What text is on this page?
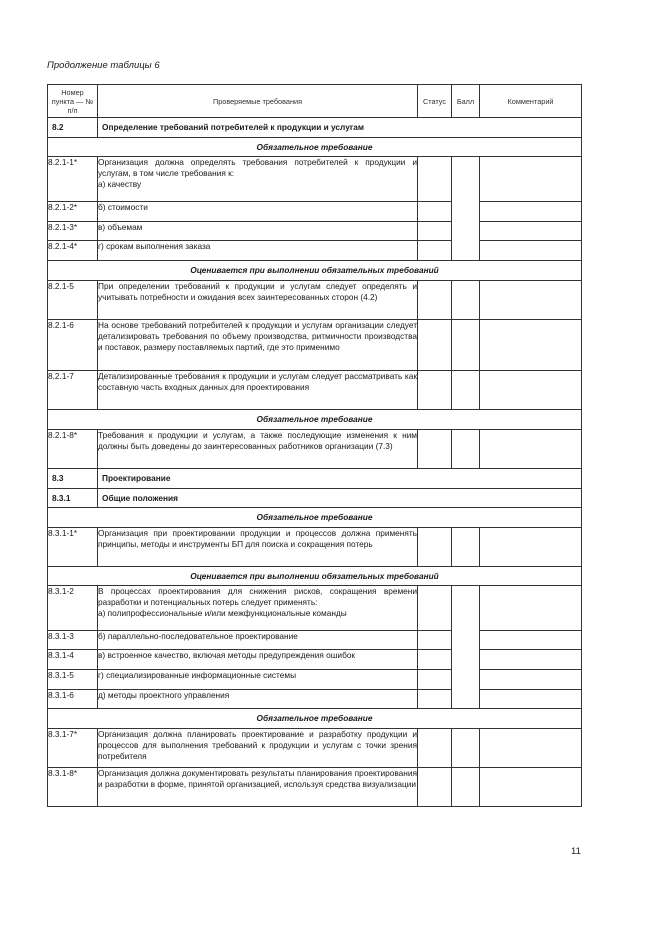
Продолжение таблицы 6
Номер пункта — № п/п	Проверяемые требования	Статус	Балл	Комментарий
8.2	Определение требований потребителей к продукции и услугам			
Обязательное требование				
8.2.1-1*	Организация должна определять требования потребителей к продукции и услугам, в том числе требования к:
а) качеству			
8.2.1-2*	б) стоимости			
8.2.1-3*	в) объемам			
8.2.1-4*	г) срокам выполнения заказа			
Оценивается при выполнении обязательных требований				
8.2.1-5	При определении требований к продукции и услугам следует определять и учитывать потребности и ожидания всех заинтересованных сторон (4.2)			
8.2.1-6	На основе требований потребителей к продукции и услугам организации следует детализировать требования по объему производства, ритмичности производства и поставок, размеру поставляемых партий, где это применимо			
8.2.1-7	Детализированные требования к продукции и услугам следует рассматривать как составную часть входных данных для проектирования			
Обязательное требование				
8.2.1-8*	Требования к продукции и услугам, а также последующие изменения к ним должны быть доведены до заинтересованных работников организации (7.3)			
8.3	Проектирование			
8.3.1	Общие положения			
Обязательное требование				
8.3.1-1*	Организация при проектировании продукции и процессов должна применять принципы, методы и инструменты БП для поиска и сокращения потерь			
Оценивается при выполнении обязательных требований				
8.3.1-2	В процессах проектирования для снижения рисков, сокращения времени разработки и потенциальных потерь следует применять:
а) полипрофессиональные и/или межфункциональные команды			
8.3.1-3	б) параллельно-последовательное проектирование			
8.3.1-4	в) встроенное качество, включая методы предупреждения ошибок			
8.3.1-5	г) специализированные информационные системы			
8.3.1-6	д) методы проектного управления			
Обязательное требование				
8.3.1-7*	Организация должна планировать проектирование и разработку продукции и процессов для выполнения требований к продукции и услугам с точки зрения потребителя			
8.3.1-8*	Организация должна документировать результаты планирования проектирования и разработки в форме, принятой организацией, используя средства визуализации			
11
